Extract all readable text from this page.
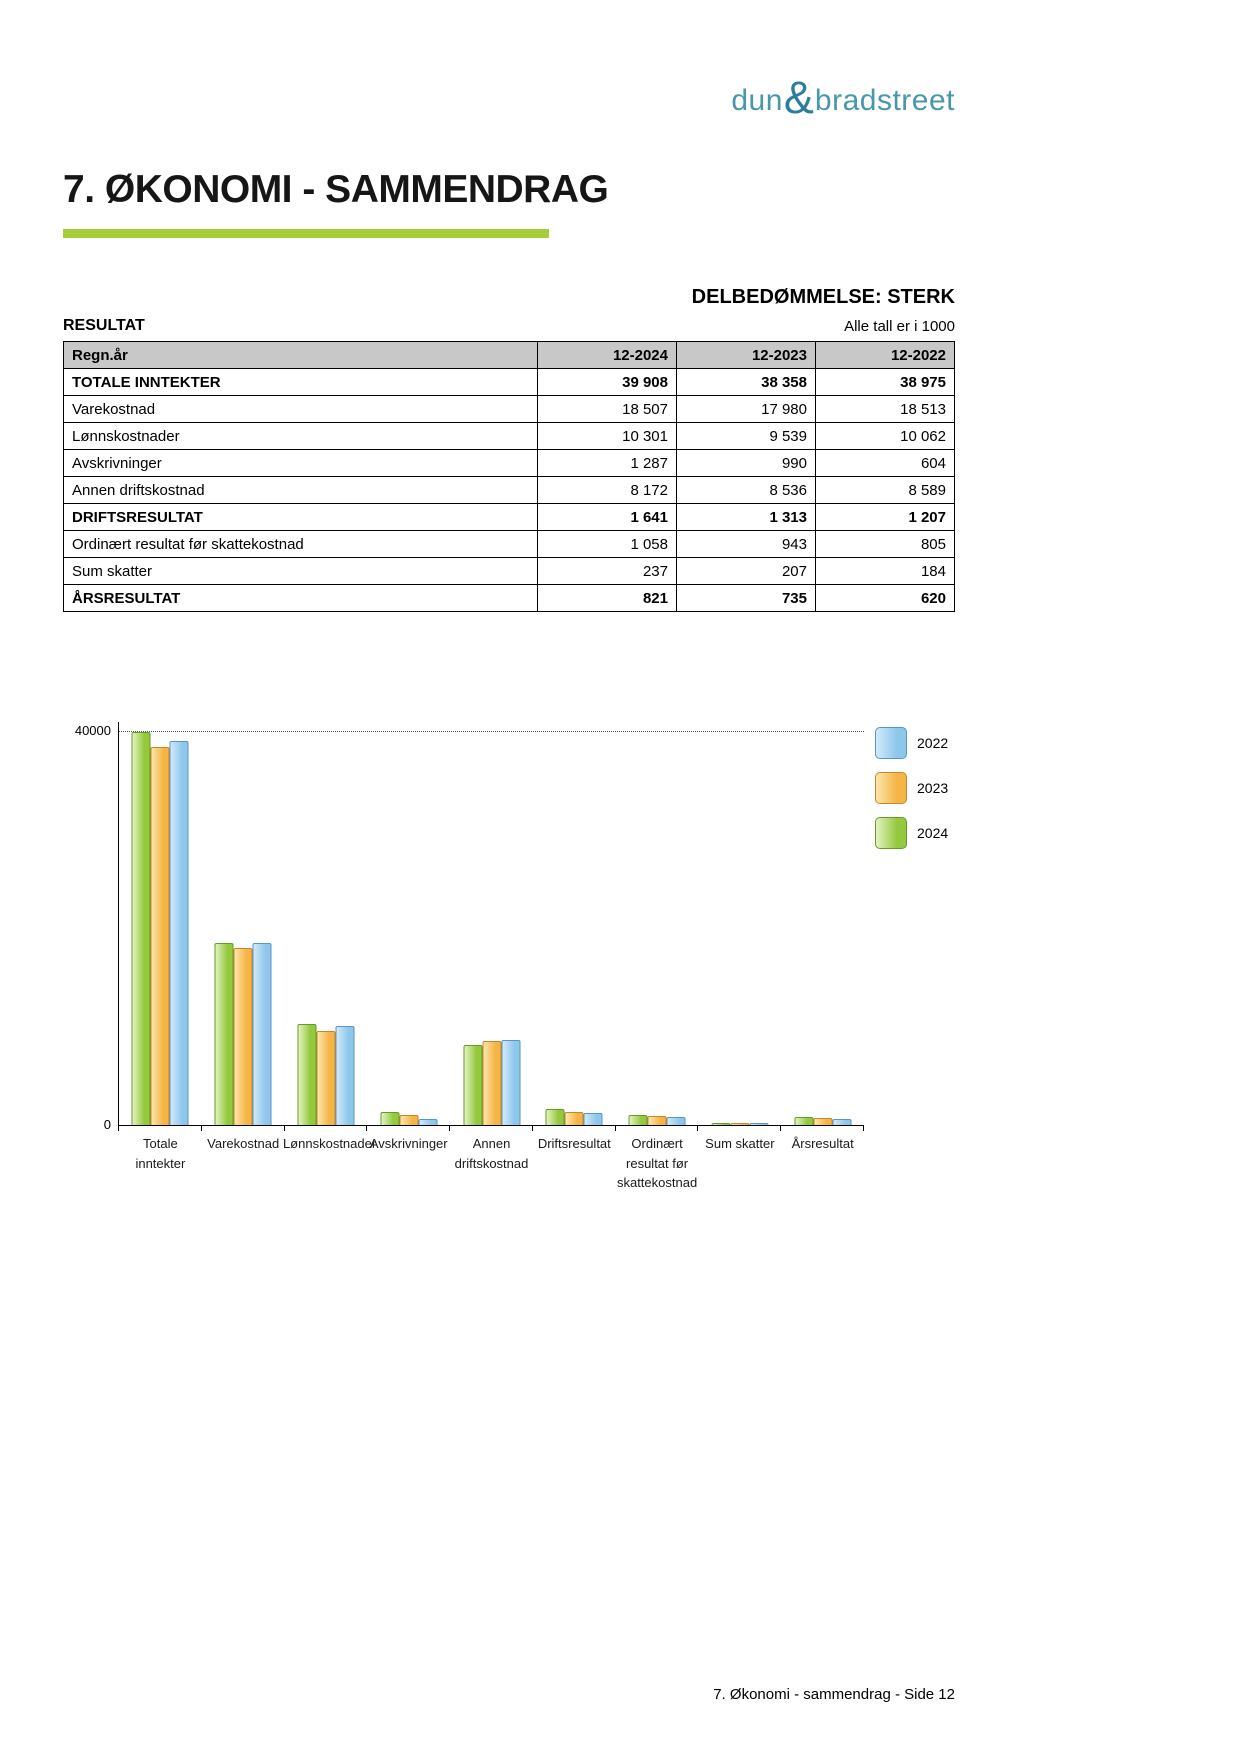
dun & bradstreet
7. ØKONOMI - SAMMENDRAG
DELBEDØMMELSE: STERK
RESULTAT	Alle tall er i 1000
Regn.år	12-2024	12-2023	12-2022
TOTALE INNTEKTER	39 908	38 358	38 975
Varekostnad	18 507	17 980	18 513
Lønnskostnader	10 301	9 539	10 062
Avskrivninger	1 287	990	604
Annen driftskostnad	8 172	8 536	8 589
DRIFTSRESULTAT	1 641	1 313	1 207
Ordinært resultat før skattekostnad	1 058	943	805
Sum skatter	237	207	184
ÅRSRESULTAT	821	735	620
40000
0
Totale inntekter
Varekostnad Lønnskostnader
Avskrivninger	Annen driftskostnad
Driftsresultat	Ordinært resultat før skattekostnad
Sum skatter	Årsresultat
2022
2023
2024
7. Økonomi - sammendrag - Side 12
